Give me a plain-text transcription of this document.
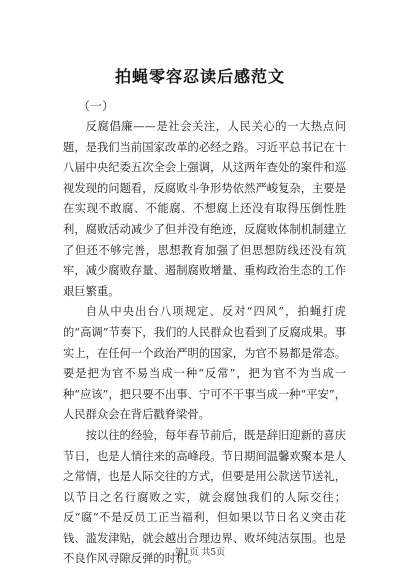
拍蝇零容忍读后感范文
（一）

反腐倡廉——是社会关注，人民关心的一大热点问题，是我们当前国家改革的必经之路。习近平总书记在十八届中央纪委五次全会上强调，从这两年查处的案件和巡视发现的问题看，反腐败斗争形势依然严峻复杂，主要是在实现不敢腐、不能腐、不想腐上还没有取得压倒性胜利，腐败活动减少了但并没有绝迹，反腐败体制机制建立了但还不够完善，思想教育加强了但思想防线还没有筑牢，减少腐败存量、遏制腐败增量、重构政治生态的工作艰巨繁重。

自从中央出台八项规定、反对“四风”，拍蝇打虎的“高调”节奏下，我们的人民群众也看到了反腐成果。事实上，在任何一个政治严明的国家，为官不易都是常态。要是把为官不易当成一种“反常”，把为官不为当成一种“应该”，把只要不出事、宁可不干事当成一种“平安”，人民群众会在背后戳脊梁骨。

按以往的经验，每年春节前后，既是辞旧迎新的喜庆节日，也是人情往来的高峰段。节日期间温馨欢聚本是人之常情，也是人际交往的方式，但要是用公款送节送礼，以节日之名行腐败之实，就会腐蚀我们的人际交往；反“腐”不是反员工正当福利，但如果以节日名义突击花钱、滥发津贴，就会越出合理边界、败坏纯洁氛围。也是不良作风寻隙反弹的时机。

第1页 共5页
